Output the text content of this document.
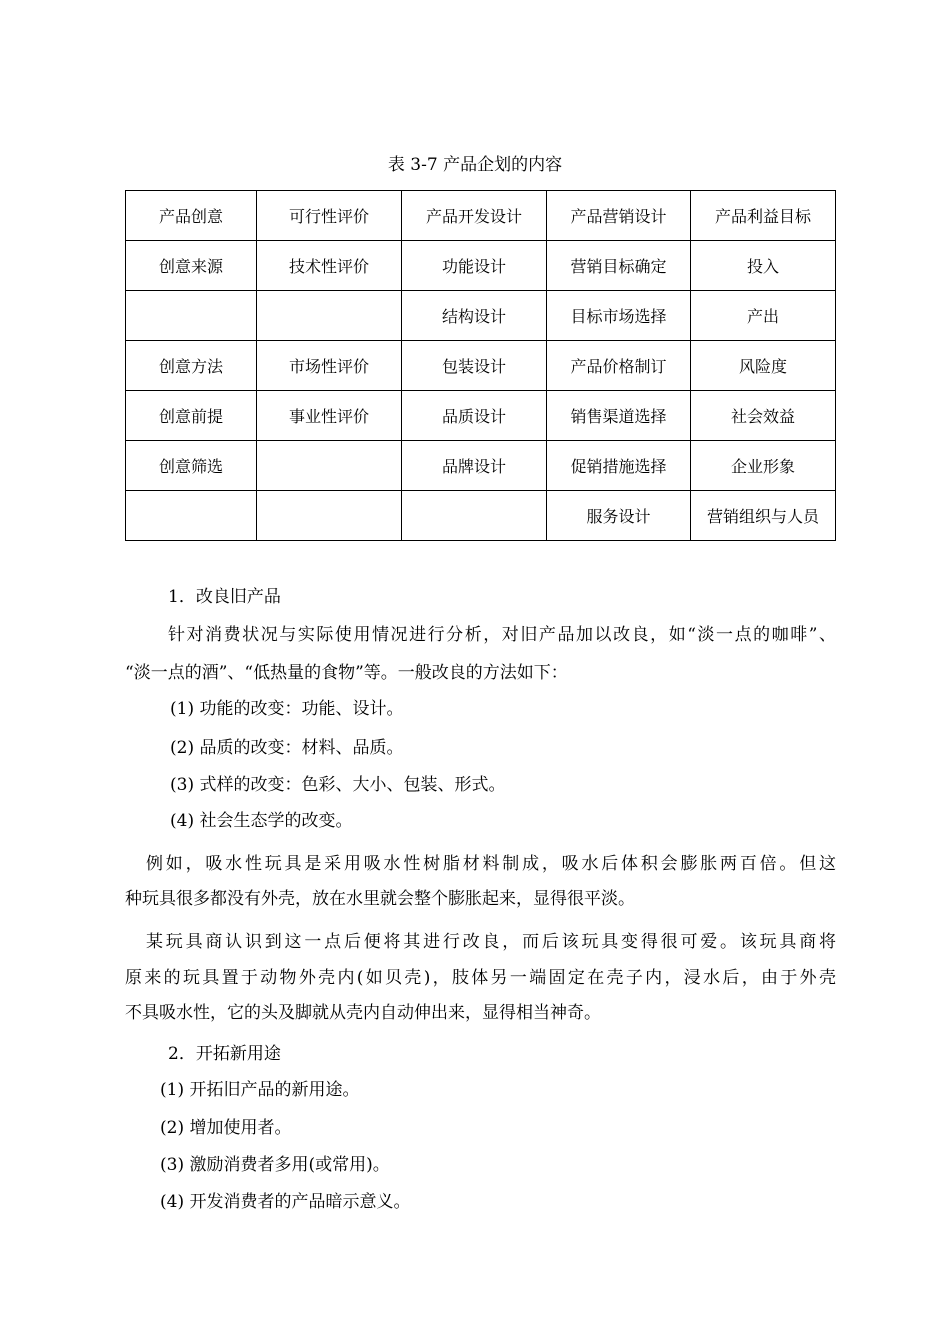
表 3-7 产品企划的内容
产品创意	可行性评价	产品开发设计	产品营销设计	产品利益目标
创意来源	技术性评价	功能设计	营销目标确定	投入
		结构设计	目标市场选择	产出
创意方法	市场性评价	包装设计	产品价格制订	风险度
创意前提	事业性评价	品质设计	销售渠道选择	社会效益
创意筛选		品牌设计	促销措施选择	企业形象
			服务设计	营销组织与人员
1．改良旧产品
针对消费状况与实际使用情况进行分析，对旧产品加以改良，如“淡一点的咖啡”、
“淡一点的酒”、“低热量的食物”等。一般改良的方法如下：
(1) 功能的改变：功能、设计。
(2) 品质的改变：材料、品质。
(3) 式样的改变：色彩、大小、包装、形式。
(4) 社会生态学的改变。
例如，吸水性玩具是采用吸水性树脂材料制成，吸水后体积会膨胀两百倍。但这
种玩具很多都没有外壳，放在水里就会整个膨胀起来，显得很平淡。
某玩具商认识到这一点后便将其进行改良，而后该玩具变得很可爱。该玩具商将
原来的玩具置于动物外壳内(如贝壳)，肢体另一端固定在壳子内，浸水后，由于外壳
不具吸水性，它的头及脚就从壳内自动伸出来，显得相当神奇。
2．开拓新用途
(1) 开拓旧产品的新用途。
(2) 增加使用者。
(3) 激励消费者多用(或常用)。
(4) 开发消费者的产品暗示意义。
